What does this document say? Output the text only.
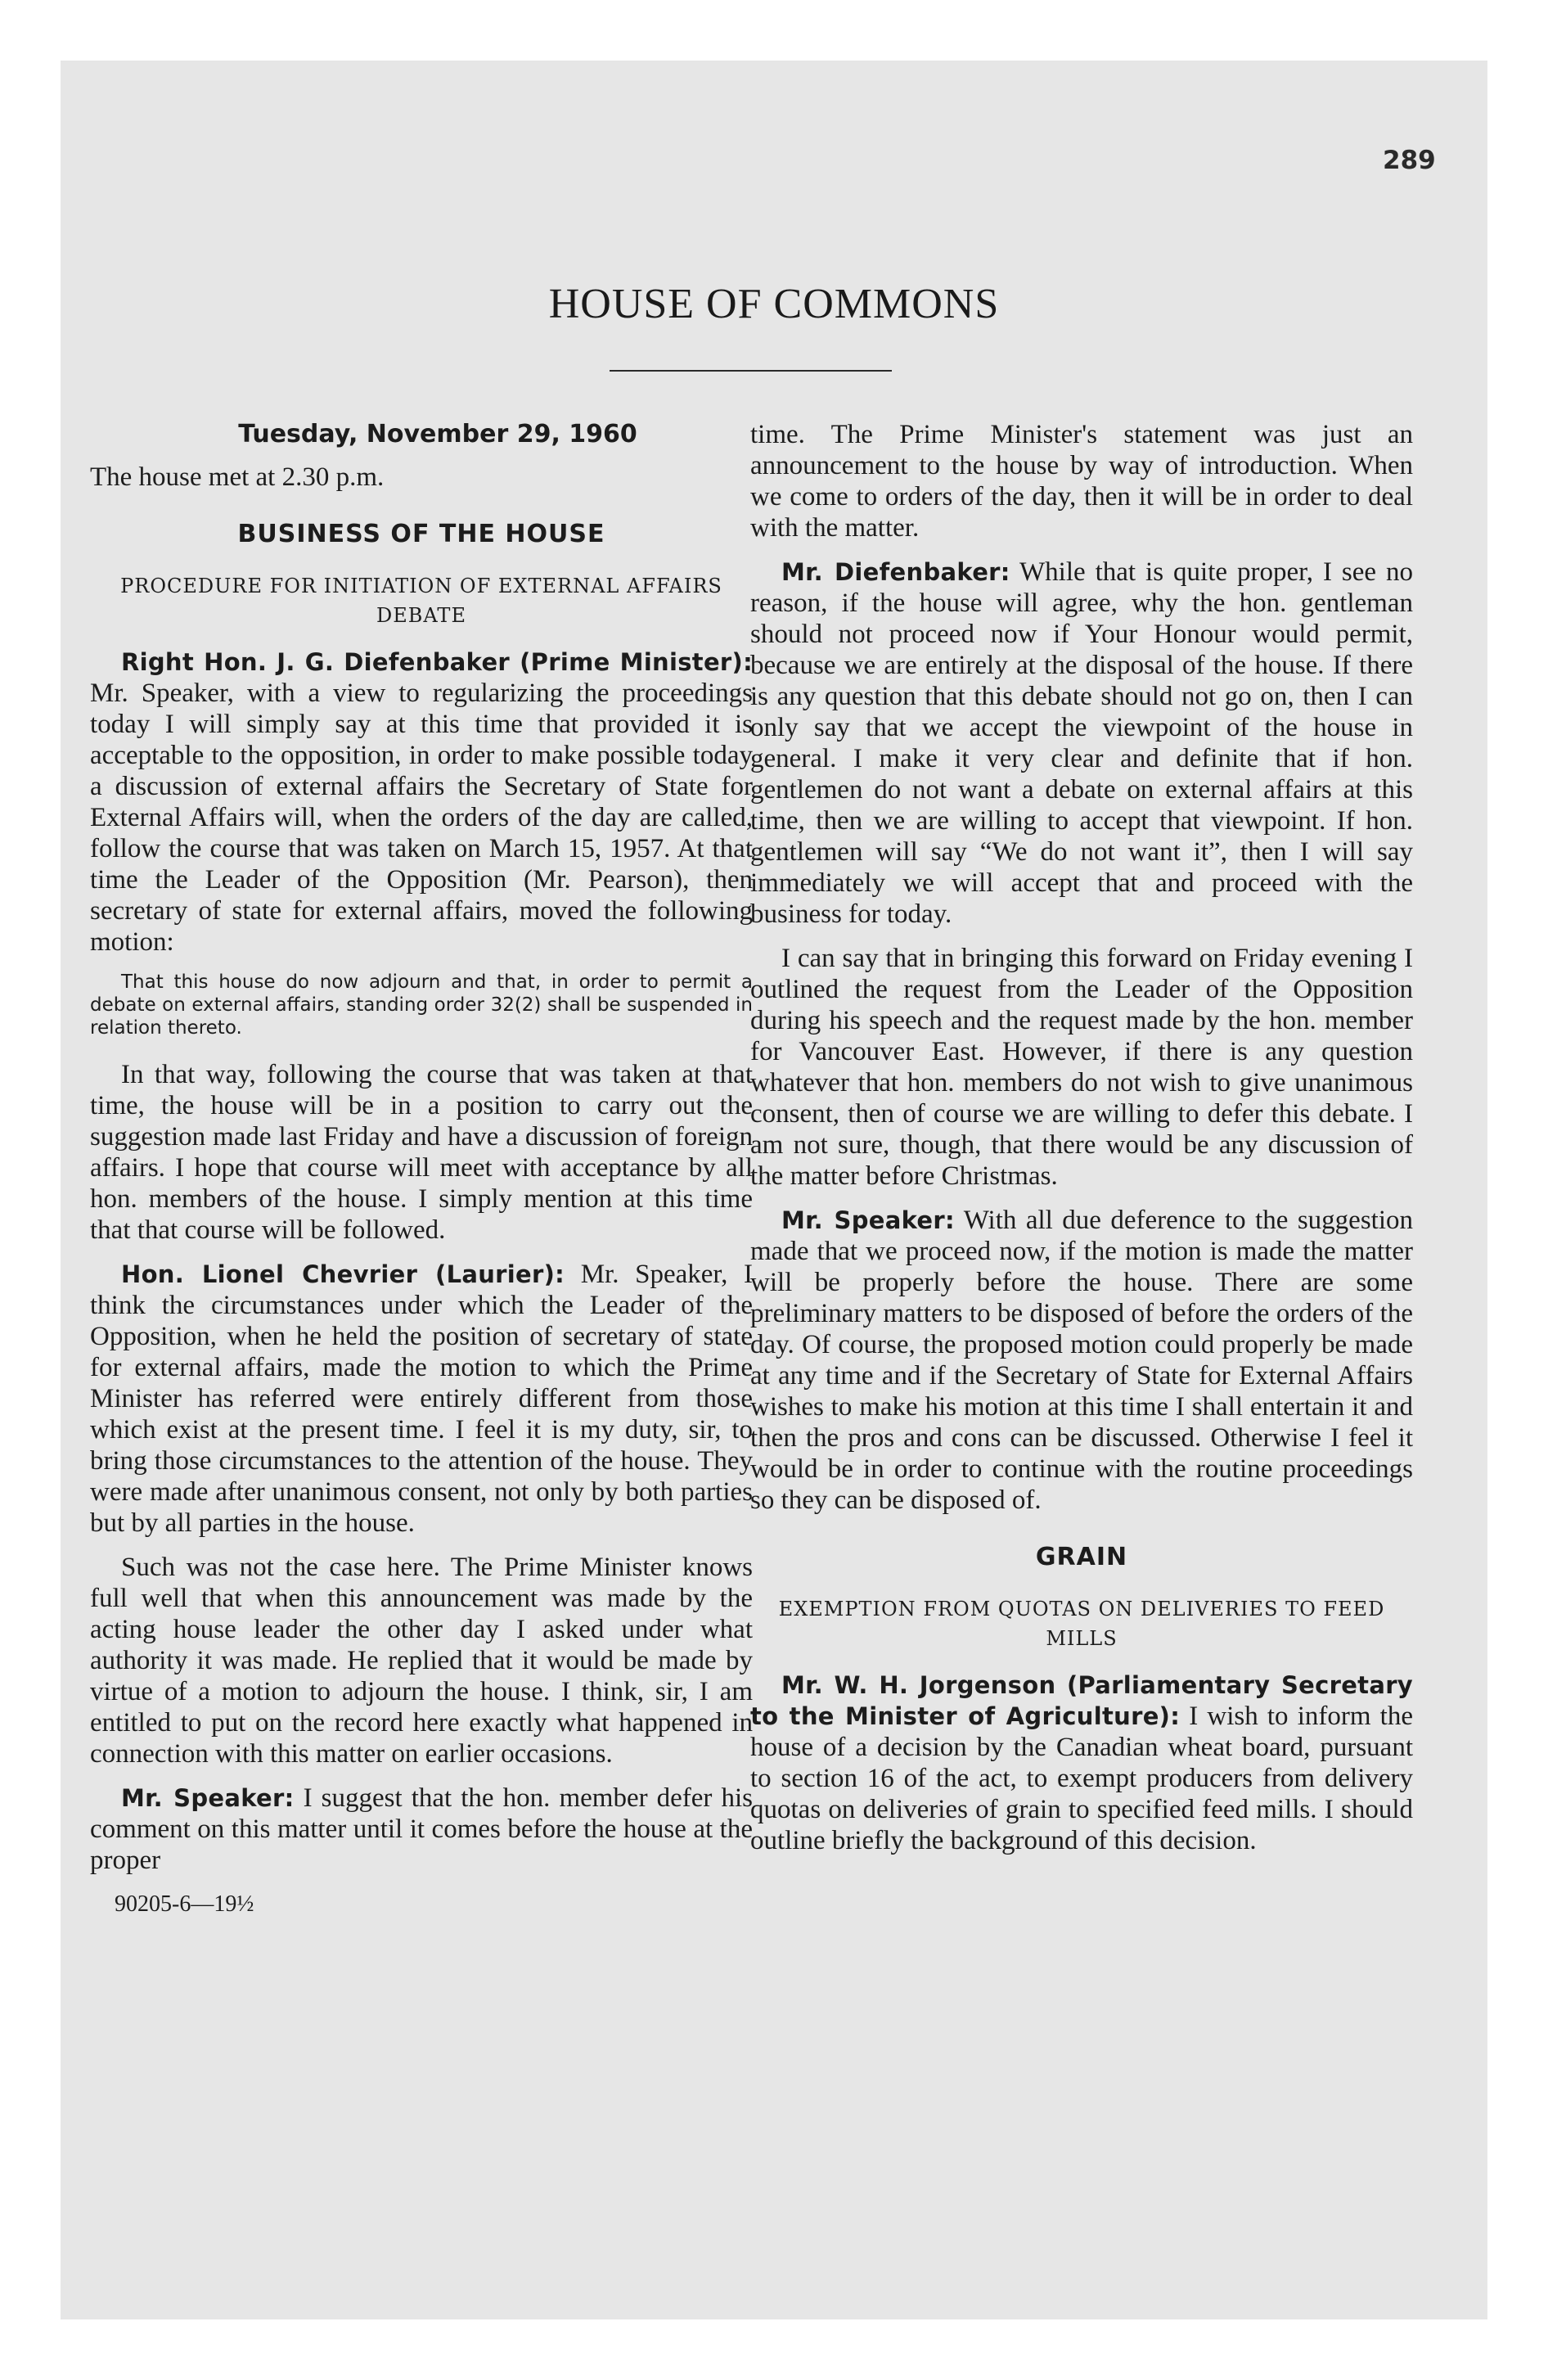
289
HOUSE OF COMMONS
Tuesday, November 29, 1960

The house met at 2.30 p.m.

BUSINESS OF THE HOUSE
PROCEDURE FOR INITIATION OF EXTERNAL AFFAIRS DEBATE

Right Hon. J. G. Diefenbaker (Prime Minister): Mr. Speaker, with a view to regularizing the proceedings today I will simply say at this time that provided it is acceptable to the opposition, in order to make possible today a discussion of external affairs the Secretary of State for External Affairs will, when the orders of the day are called, follow the course that was taken on March 15, 1957. At that time the Leader of the Opposition (Mr. Pearson), then secretary of state for external affairs, moved the following motion:

That this house do now adjourn and that, in order to permit a debate on external affairs, standing order 32(2) shall be suspended in relation thereto.

In that way, following the course that was taken at that time, the house will be in a position to carry out the suggestion made last Friday and have a discussion of foreign affairs. I hope that course will meet with acceptance by all hon. members of the house. I simply mention at this time that that course will be followed.

Hon. Lionel Chevrier (Laurier): Mr. Speaker, I think the circumstances under which the Leader of the Opposition, when he held the position of secretary of state for external affairs, made the motion to which the Prime Minister has referred were entirely different from those which exist at the present time. I feel it is my duty, sir, to bring those circumstances to the attention of the house. They were made after unanimous consent, not only by both parties but by all parties in the house.

Such was not the case here. The Prime Minister knows full well that when this announcement was made by the acting house leader the other day I asked under what authority it was made. He replied that it would be made by virtue of a motion to adjourn the house. I think, sir, I am entitled to put on the record here exactly what happened in connection with this matter on earlier occasions.

Mr. Speaker: I suggest that the hon. member defer his comment on this matter until it comes before the house at the proper

90205-6—19½

time. The Prime Minister's statement was just an announcement to the house by way of introduction. When we come to orders of the day, then it will be in order to deal with the matter.

Mr. Diefenbaker: While that is quite proper, I see no reason, if the house will agree, why the hon. gentleman should not proceed now if Your Honour would permit, because we are entirely at the disposal of the house. If there is any question that this debate should not go on, then I can only say that we accept the viewpoint of the house in general. I make it very clear and definite that if hon. gentlemen do not want a debate on external affairs at this time, then we are willing to accept that viewpoint. If hon. gentlemen will say “We do not want it”, then I will say immediately we will accept that and proceed with the business for today.

I can say that in bringing this forward on Friday evening I outlined the request from the Leader of the Opposition during his speech and the request made by the hon. member for Vancouver East. However, if there is any question whatever that hon. members do not wish to give unanimous consent, then of course we are willing to defer this debate. I am not sure, though, that there would be any discussion of the matter before Christmas.

Mr. Speaker: With all due deference to the suggestion made that we proceed now, if the motion is made the matter will be properly before the house. There are some preliminary matters to be disposed of before the orders of the day. Of course, the proposed motion could properly be made at any time and if the Secretary of State for External Affairs wishes to make his motion at this time I shall entertain it and then the pros and cons can be discussed. Otherwise I feel it would be in order to continue with the routine proceedings so they can be disposed of.

GRAIN
EXEMPTION FROM QUOTAS ON DELIVERIES TO FEED MILLS

Mr. W. H. Jorgenson (Parliamentary Secretary to the Minister of Agriculture): I wish to inform the house of a decision by the Canadian wheat board, pursuant to section 16 of the act, to exempt producers from delivery quotas on deliveries of grain to specified feed mills. I should outline briefly the background of this decision.
